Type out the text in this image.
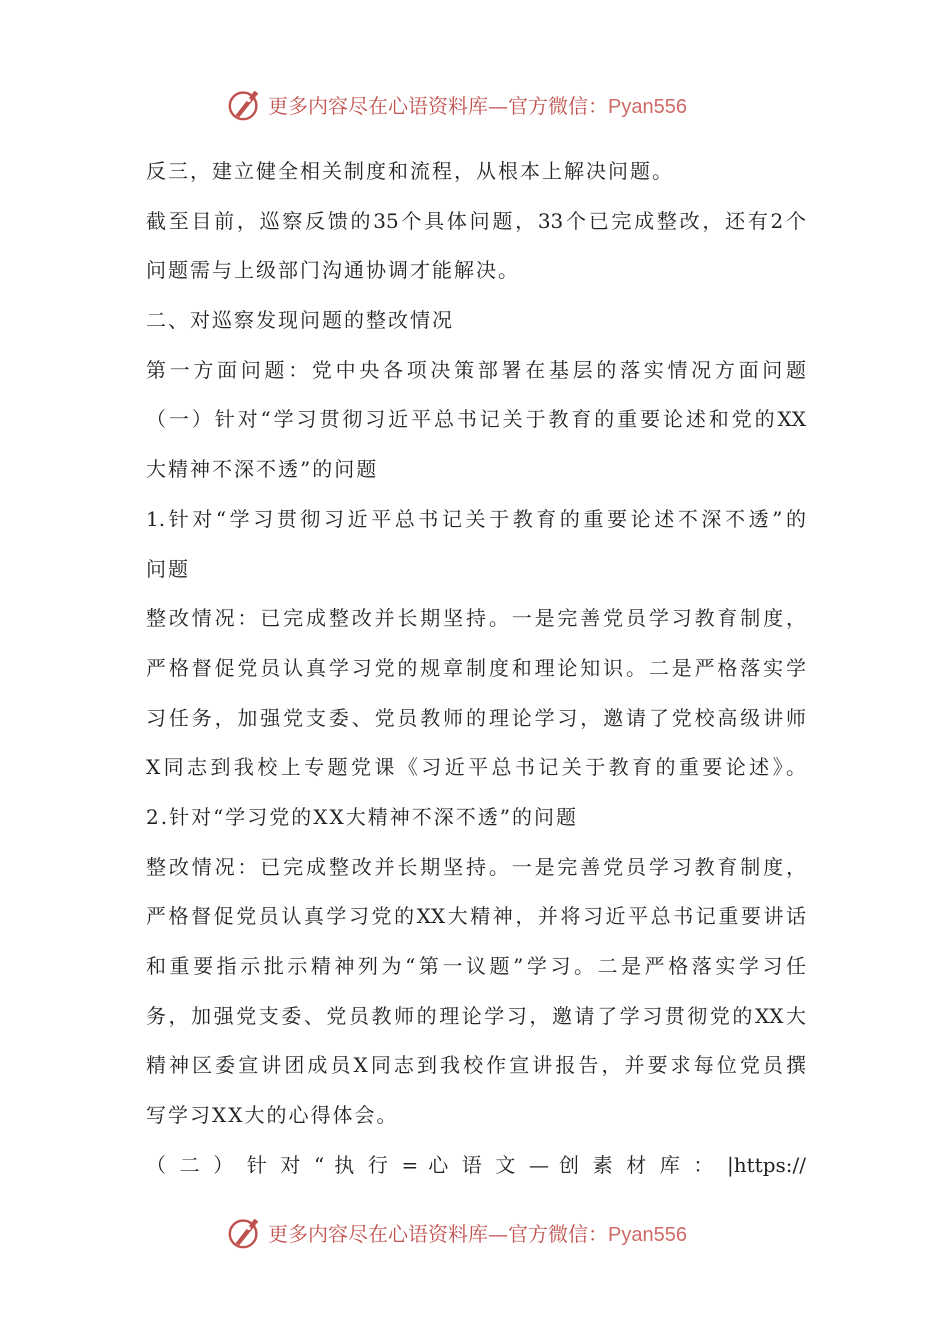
更多内容尽在心语资料库—官方微信：Pyan556
反三，建立健全相关制度和流程，从根本上解决问题。
截至目前，巡察反馈的35个具体问题，33个已完成整改，还有2个
问题需与上级部门沟通协调才能解决。
二、对巡察发现问题的整改情况
第一方面问题：党中央各项决策部署在基层的落实情况方面问题
（一）针对“学习贯彻习近平总书记关于教育的重要论述和党的XX
大精神不深不透”的问题
1.针对“学习贯彻习近平总书记关于教育的重要论述不深不透”的
问题
整改情况：已完成整改并长期坚持。一是完善党员学习教育制度，
严格督促党员认真学习党的规章制度和理论知识。二是严格落实学
习任务，加强党支委、党员教师的理论学习，邀请了党校高级讲师
X同志到我校上专题党课《习近平总书记关于教育的重要论述》。
2.针对“学习党的XX大精神不深不透”的问题
整改情况：已完成整改并长期坚持。一是完善党员学习教育制度，
严格督促党员认真学习党的XX大精神，并将习近平总书记重要讲话
和重要指示批示精神列为“第一议题”学习。二是严格落实学习任
务，加强党支委、党员教师的理论学习，邀请了学习贯彻党的XX大
精神区委宣讲团成员X同志到我校作宣讲报告，并要求每位党员撰
写学习XX大的心得体会。
（ 二 ） 针 对 “ 执 行 = 心 语 文 — 创 素 材 库 ： |https://
更多内容尽在心语资料库—官方微信：Pyan556
